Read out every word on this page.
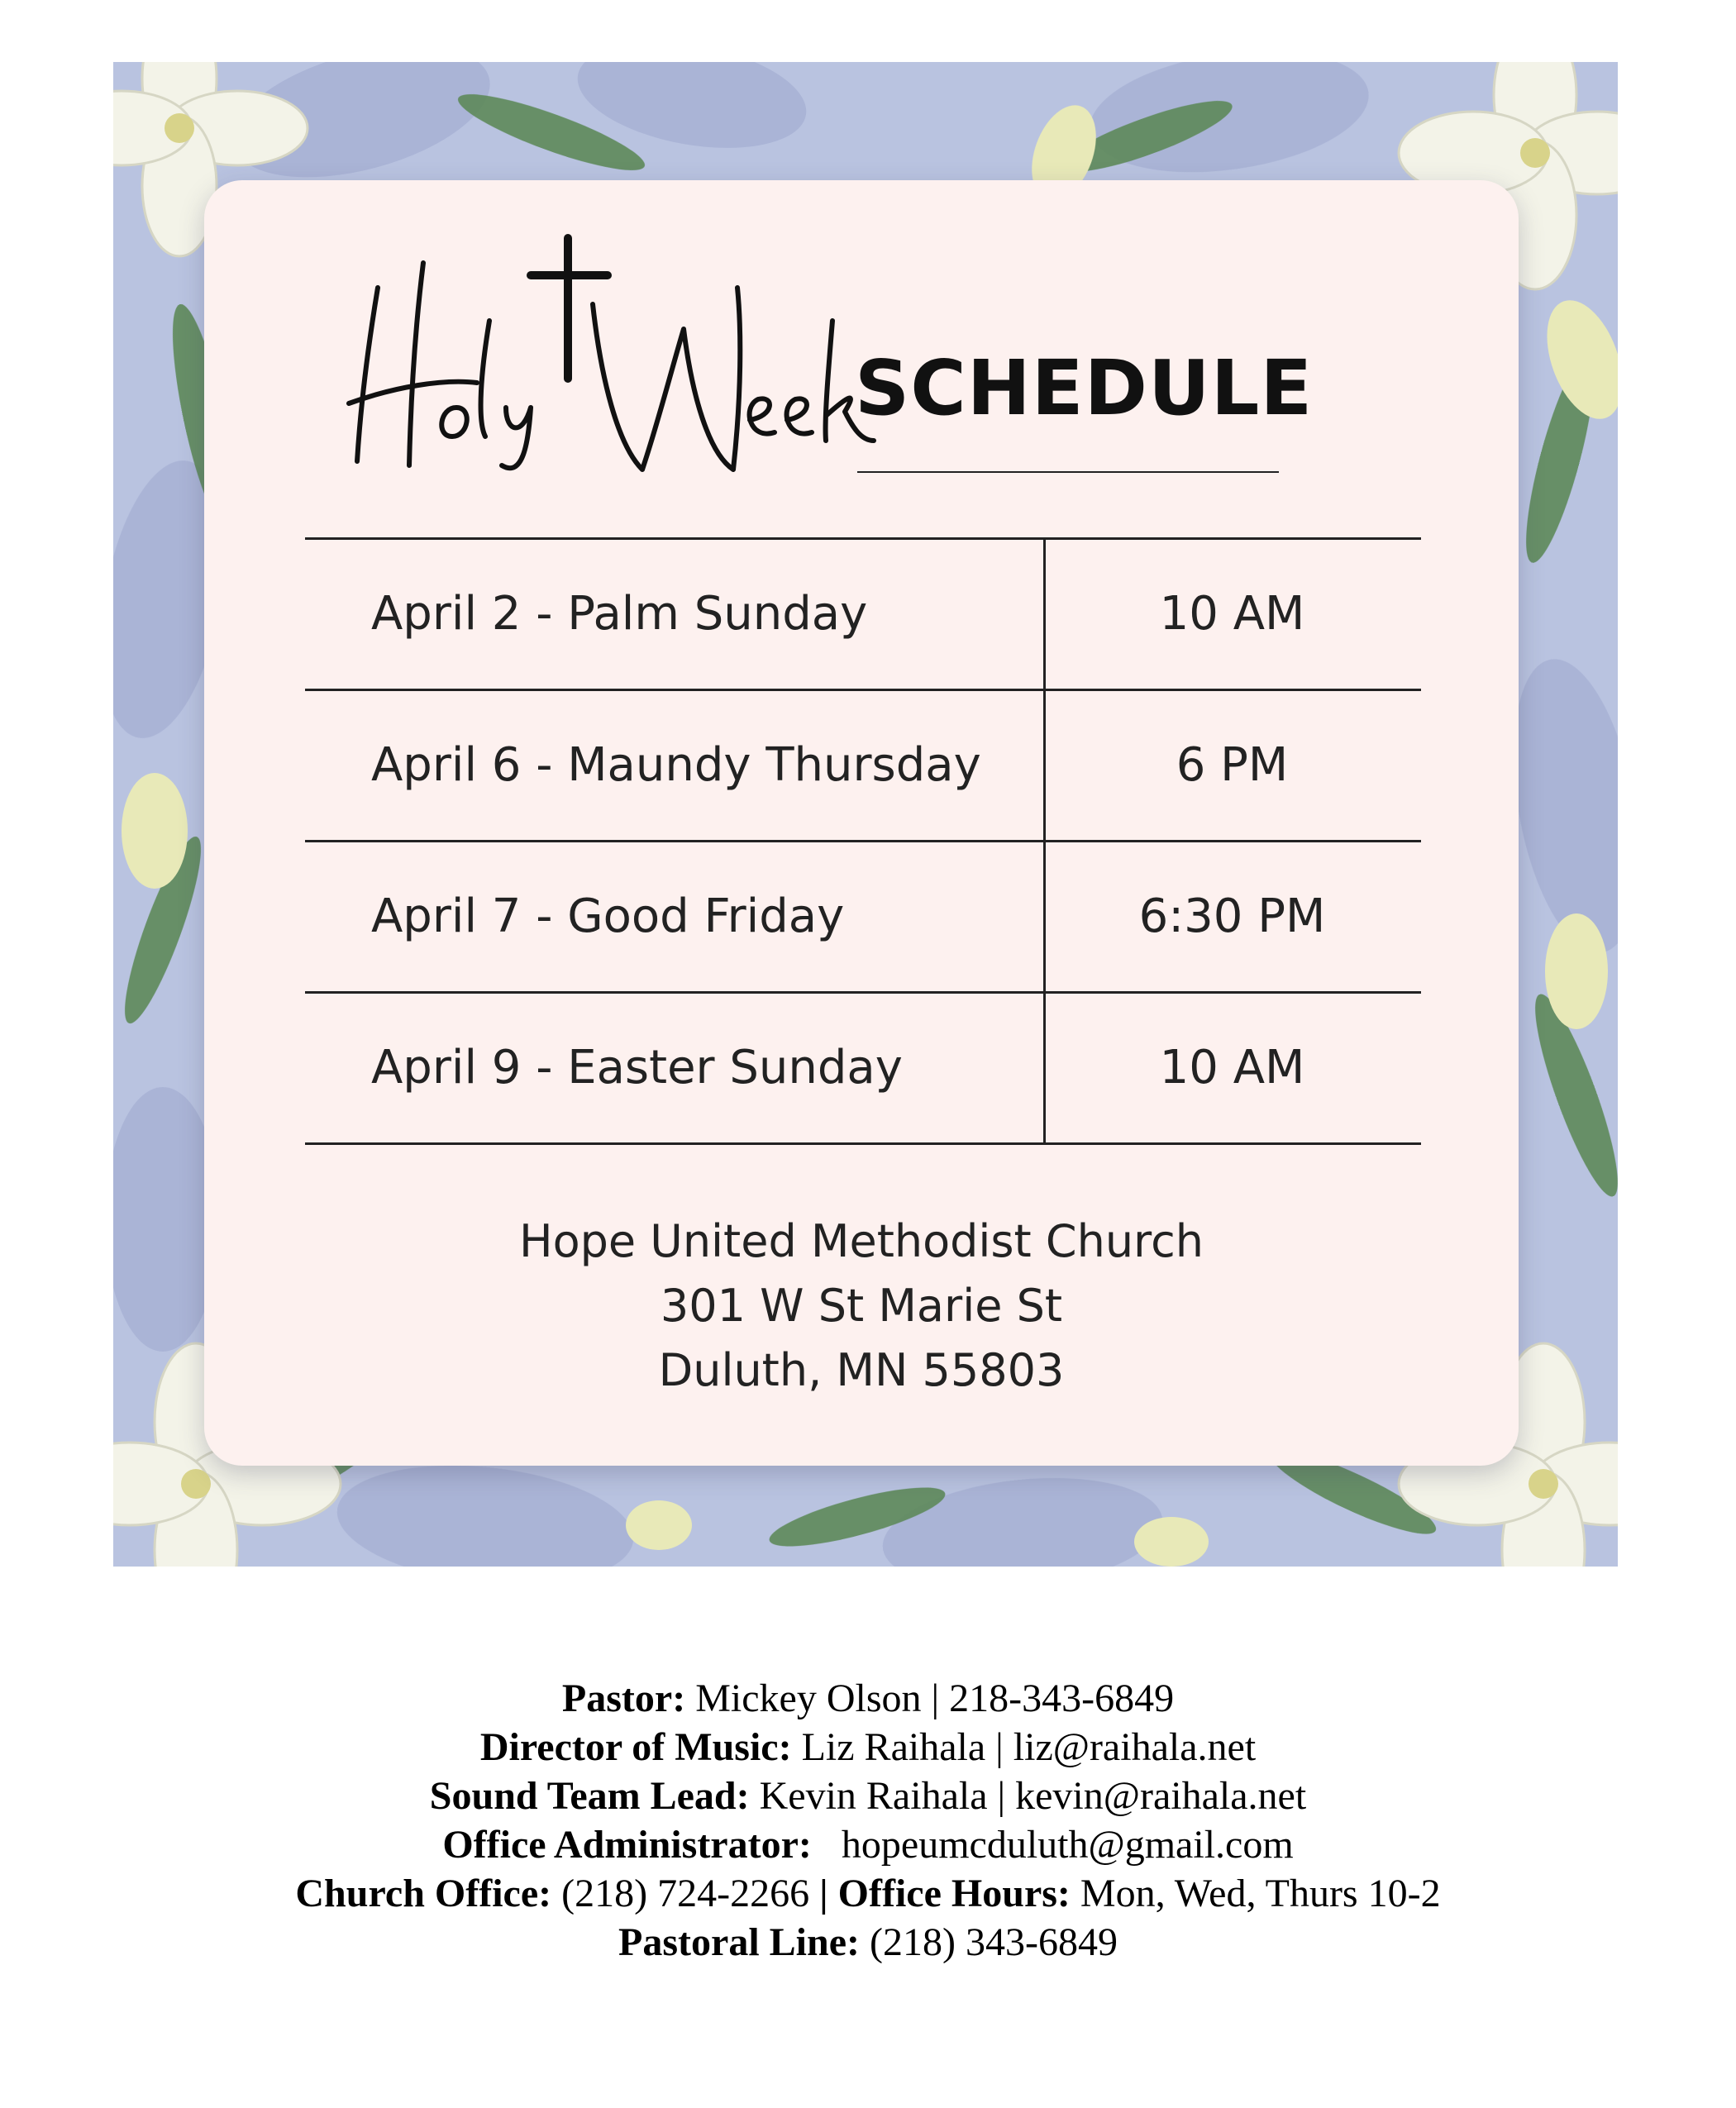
SCHEDULE
April 2 - Palm Sunday	10 AM
April 6 - Maundy Thursday	6 PM
April 7 - Good Friday	6:30 PM
April 9 - Easter Sunday	10 AM
Hope United Methodist Church
301 W St Marie St
Duluth, MN 55803
Pastor: Mickey Olson | 218-343-6849
Director of Music: Liz Raihala | liz@raihala.net
Sound Team Lead: Kevin Raihala | kevin@raihala.net
Office Administrator: hopeumcduluth@gmail.com
Church Office: (218) 724-2266 | Office Hours: Mon, Wed, Thurs 10-2
Pastoral Line: (218) 343-6849
